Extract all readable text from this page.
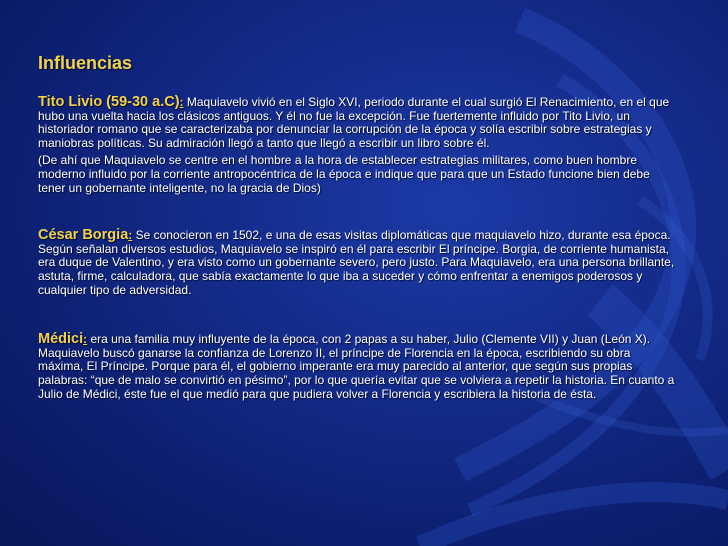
Influencias

Tito Livio (59-30 a.C): Maquiavelo vivió en el Siglo XVI, periodo durante el cual surgió El Renacimiento, en el que hubo una vuelta hacia los clásicos antiguos. Y él no fue la excepción. Fue fuertemente influido por Tito Livio, un historiador romano que se caracterizaba por denunciar la corrupción de la época y solía escribir sobre estrategias y maniobras políticas. Su admiración llegó a tanto que llegó a escribir un libro sobre él.

(De ahí que Maquiavelo se centre en el hombre a la hora de establecer estrategias militares, como buen hombre moderno influido por la corriente antropocéntrica de la época e indique que para que un Estado funcione bien debe tener un gobernante inteligente, no la gracia de Dios)

César Borgia: Se conocieron en 1502, e una de esas visitas diplomáticas que maquiavelo hizo, durante esa época. Según señalan diversos estudios, Maquiavelo se inspiró en él para escribir El príncipe. Borgia, de corriente humanista, era duque de Valentino, y era visto como un gobernante severo, pero justo. Para Maquiavelo, era una persona brillante, astuta, firme, calculadora, que sabía exactamente lo que iba a suceder y cómo enfrentar a enemigos poderosos y cualquier tipo de adversidad.

Médici: era una familia muy influyente de la época, con 2 papas a su haber, Julio (Clemente VII) y Juan (León X). Maquiavelo buscó ganarse la confianza de Lorenzo II, el príncipe de Florencia en la época, escribiendo su obra máxima, El Príncipe. Porque para él, el gobierno imperante era muy parecido al anterior, que según sus propias palabras: “que de malo se convirtió en pésimo”, por lo que quería evitar que se volviera a repetir la historia. En cuanto a Julio de Médici, éste fue el que medió para que pudiera volver a Florencia y escribiera la historia de ésta.
